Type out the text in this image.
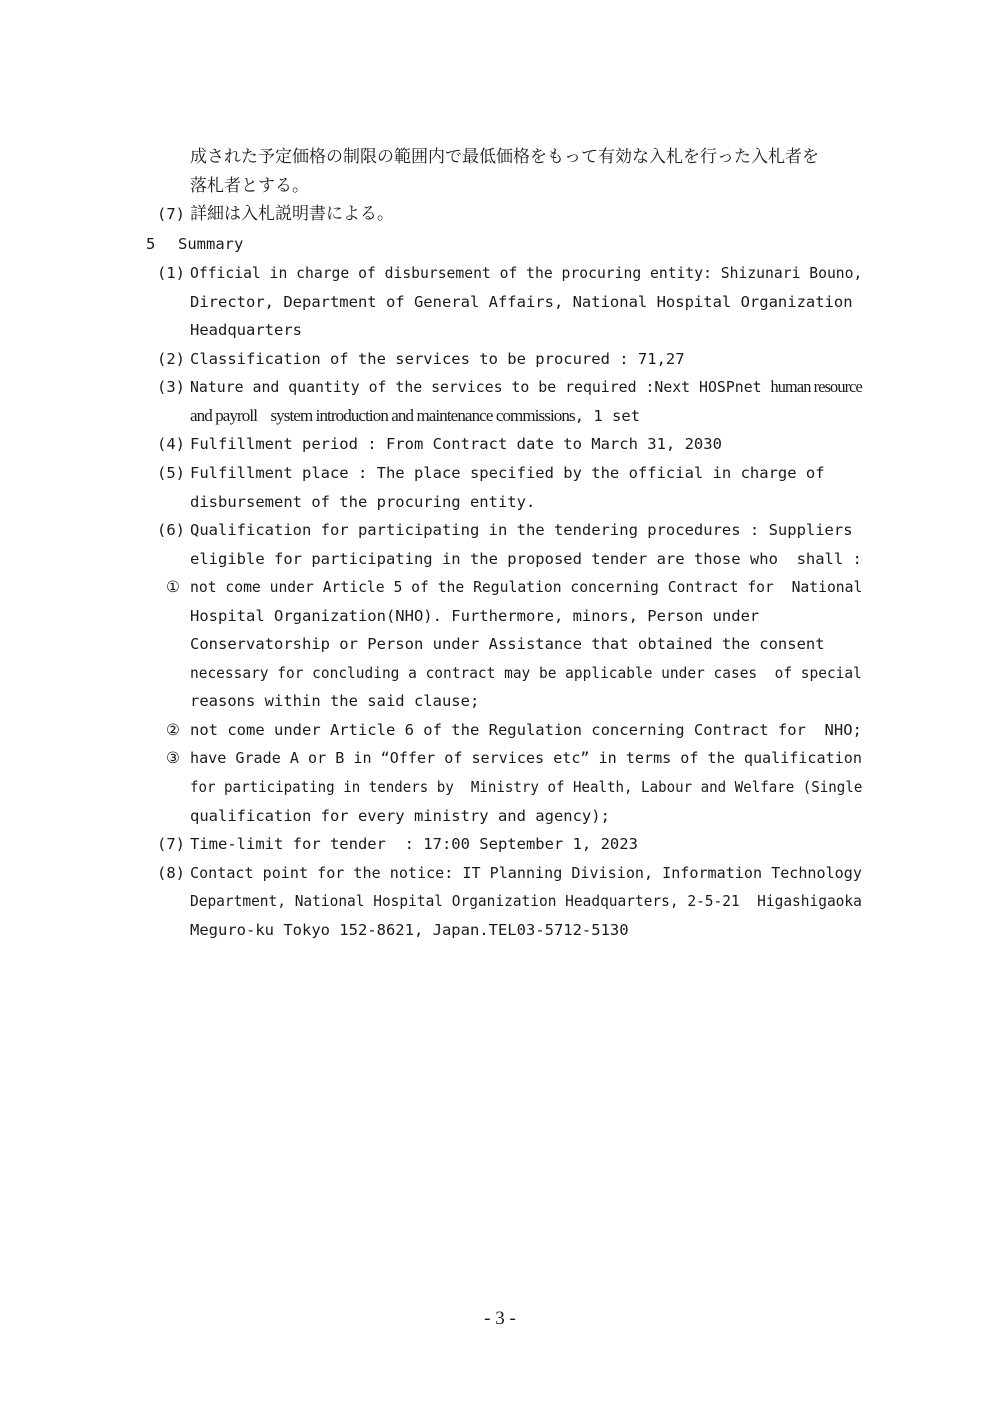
成された予定価格の制限の範囲内で最低価格をもって有効な入札を行った入札者を
落札者とする。
(7) 詳細は入札説明書による。
5 Summary
(1) Official in charge of disbursement of the procuring entity: Shizunari Bouno,
Director, Department of General Affairs, National Hospital Organization
Headquarters
(2) Classification of the services to be procured : 71,27
(3) Nature and quantity of the services to be required :Next HOSPnet human resource
and payroll    system introduction and maintenance commissions, 1 set
(4) Fulfillment period : From Contract date to March 31, 2030
(5) Fulfillment place : The place specified by the official in charge of
disbursement of the procuring entity.
(6) Qualification for participating in the tendering procedures : Suppliers
eligible for participating in the proposed tender are those who  shall :
① not come under Article 5 of the Regulation concerning Contract for  National
Hospital Organization(NHO). Furthermore, minors, Person under
Conservatorship or Person under Assistance that obtained the consent
necessary for concluding a contract may be applicable under cases  of special
reasons within the said clause;
② not come under Article 6 of the Regulation concerning Contract for  NHO;
③ have Grade A or B in “Offer of services etc” in terms of the qualification
for participating in tenders by  Ministry of Health, Labour and Welfare (Single
qualification for every ministry and agency);
(7) Time-limit for tender  : 17:00 September 1, 2023
(8) Contact point for the notice: IT Planning Division, Information Technology
Department, National Hospital Organization Headquarters, 2-5-21  Higashigaoka
Meguro-ku Tokyo 152-8621, Japan.TEL03-5712-5130
- 3 -
